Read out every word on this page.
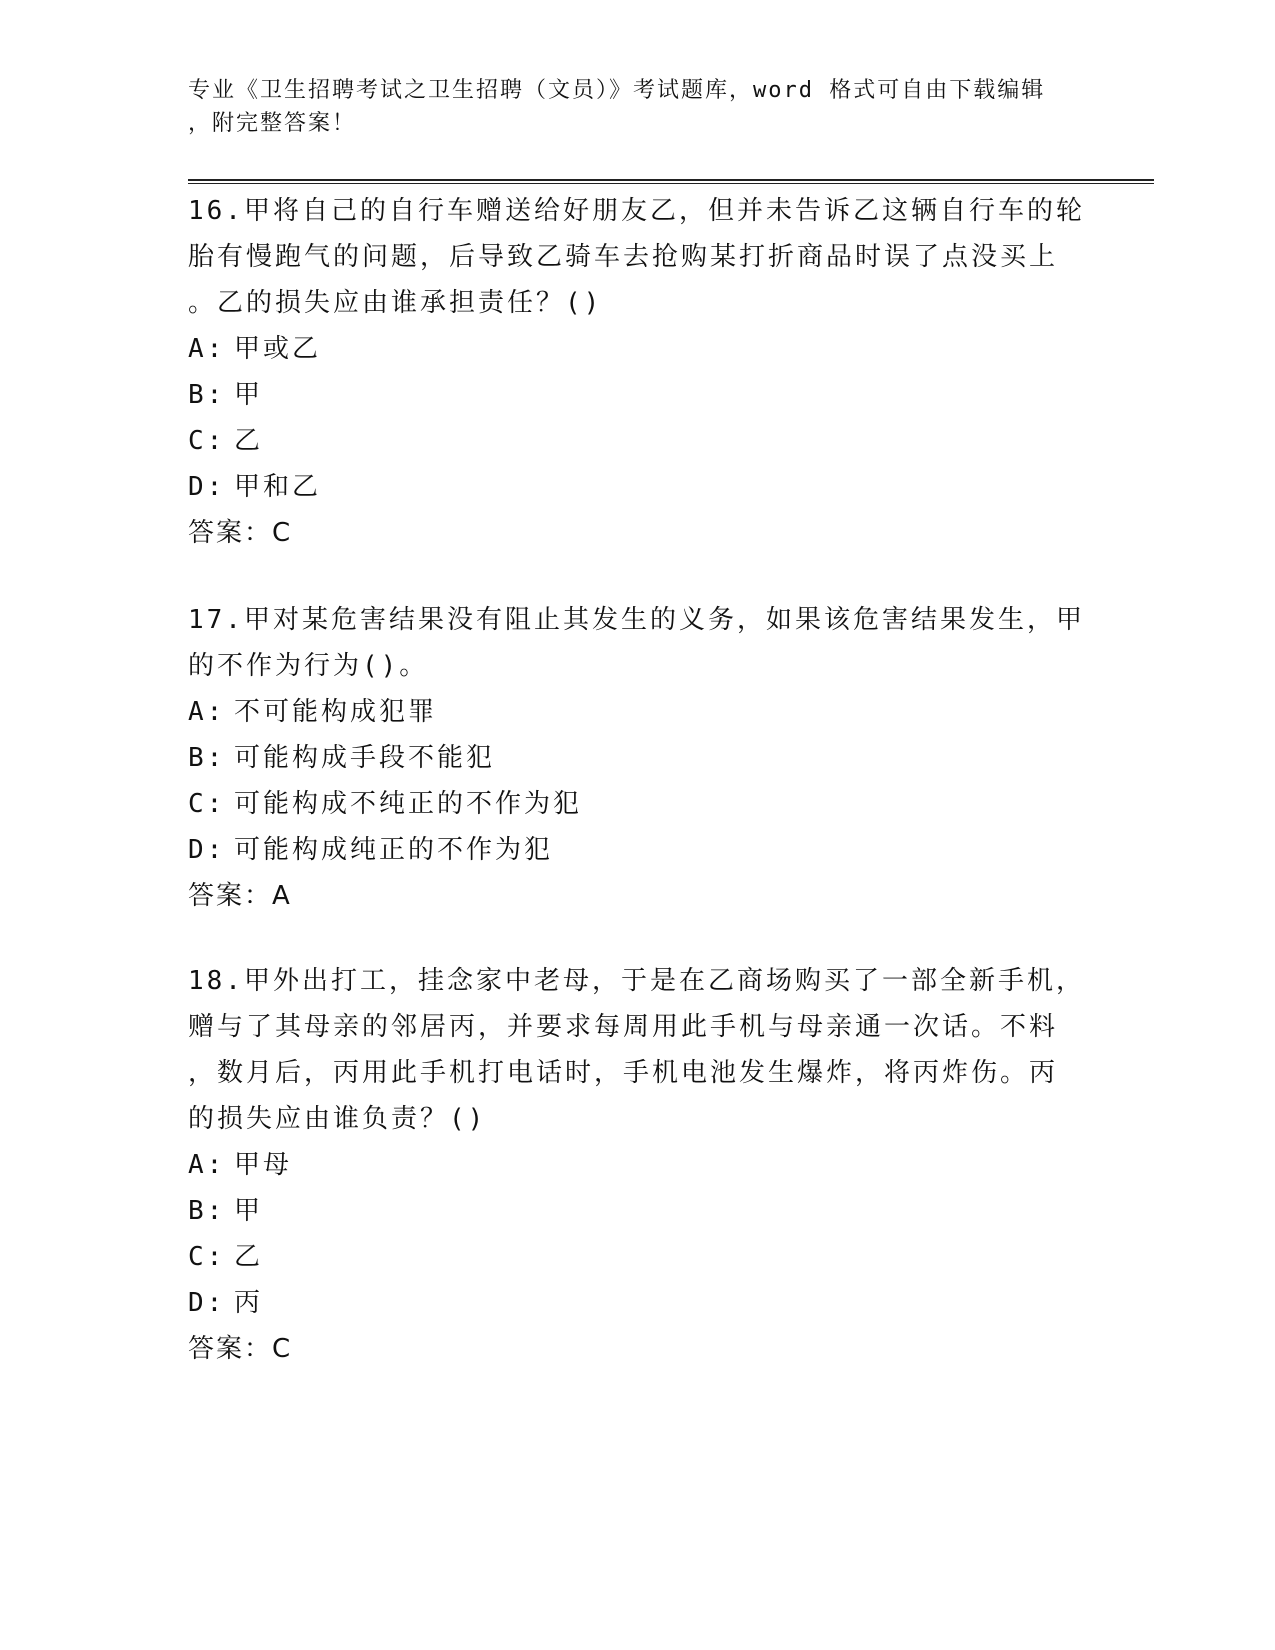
专业《卫生招聘考试之卫生招聘（文员）》考试题库，word 格式可自由下载编辑
，附完整答案！
16.甲将自己的自行车赠送给好朋友乙，但并未告诉乙这辆自行车的轮
胎有慢跑气的问题，后导致乙骑车去抢购某打折商品时误了点没买上
。乙的损失应由谁承担责任？()
A: 甲或乙
B: 甲
C: 乙
D: 甲和乙
答案：C
17.甲对某危害结果没有阻止其发生的义务，如果该危害结果发生，甲
的不作为行为()。
A: 不可能构成犯罪
B: 可能构成手段不能犯
C: 可能构成不纯正的不作为犯
D: 可能构成纯正的不作为犯
答案：A
18.甲外出打工，挂念家中老母，于是在乙商场购买了一部全新手机，
赠与了其母亲的邻居丙，并要求每周用此手机与母亲通一次话。不料
，数月后，丙用此手机打电话时，手机电池发生爆炸，将丙炸伤。丙
的损失应由谁负责？()
A: 甲母
B: 甲
C: 乙
D: 丙
答案：C
